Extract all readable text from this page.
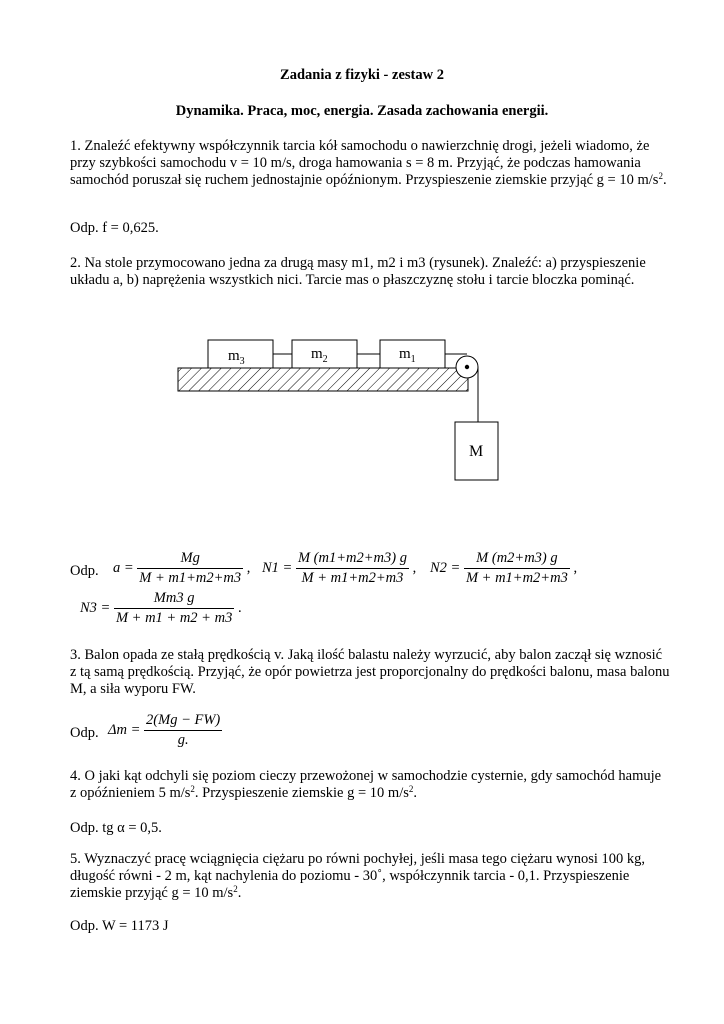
Zadania z fizyki - zestaw 2
Dynamika. Praca, moc, energia. Zasada zachowania energii.
1. Znaleźć efektywny współczynnik tarcia kół samochodu o nawierzchnię drogi, jeżeli wiadomo, że przy szybkości samochodu v = 10 m/s, droga hamowania s = 8 m. Przyjąć, że podczas hamowania samochód poruszał się ruchem jednostajnie opóźnionym. Przyspieszenie ziemskie przyjąć g = 10 $m/s^2$.
Odp. f = 0,625.
2. Na stole przymocowano jedna za drugą masy m1, m2 i m3 (rysunek). Znaleźć: a) przyspieszenie układu a, b) naprężenia wszystkich nici. Tarcie mas o płaszczyznę stołu i tarcie bloczka pominąć.
$m_3$	$m_2$	$m_1$
M
Odp. $a = \frac{Mg}{M + m1+m2+m3}$ , $N1 = \frac{M (m1+m2+m3) g}{M + m1+m2+m3}$ , $N2 = \frac{M (m2+m3) g}{M + m1+m2+m3}$ ,
$N3 = \frac{Mm3 g}{M + m1 + m2 + m3}$ .
3. Balon opada ze stałą prędkością v. Jaką ilość balastu należy wyrzucić, aby balon zaczął się wznosić z tą samą prędkością. Przyjąć, że opór powietrza jest proporcjonalny do prędkości balonu, masa balonu M, a siła wyporu FW.
Odp. $\Delta m = \frac{2(Mg - FW)}{g.}$
4. O jaki kąt odchyli się poziom cieczy przewożonej w samochodzie cysternie, gdy samochód hamuje z opóźnieniem 5 $m/s^2$. Przyspieszenie ziemskie g = 10 $m/s^2$.
Odp. tg α = 0,5.
5. Wyznaczyć pracę wciągnięcia ciężaru po równi pochyłej, jeśli masa tego ciężaru wynosi 100 kg, długość równi - 2 m, kąt nachylenia do poziomu - 30˚, współczynnik tarcia - 0,1. Przyspieszenie ziemskie przyjąć g = 10 $m/s^2$.
Odp. W = 1173 J
